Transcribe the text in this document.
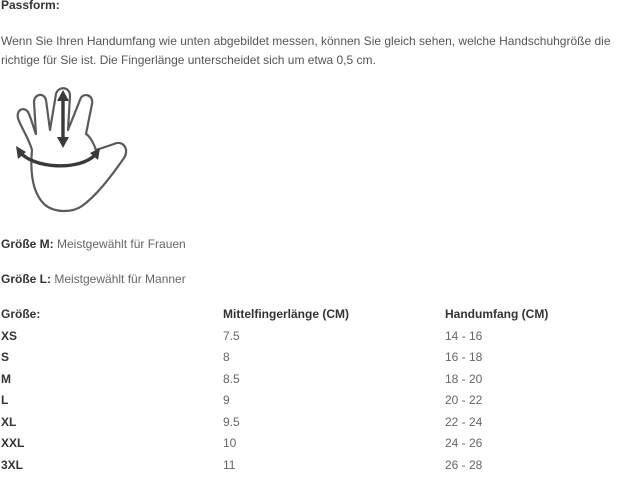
Passform:

Wenn Sie Ihren Handumfang wie unten abgebildet messen, können Sie gleich sehen, welche Handschuhgröße die richtige für Sie ist. Die Fingerlänge unterscheidet sich um etwa 0,5 cm.

Größe M: Meistgewählt für Frauen

Größe L: Meistgewählt für Manner

Größe:	Mittelfingerlänge (CM)	Handumfang (CM)
XS	7.5	14 - 16
S	8	16 - 18
M	8.5	18 - 20
L	9	20 - 22
XL	9.5	22 - 24
XXL	10	24 - 26
3XL	11	26 - 28
